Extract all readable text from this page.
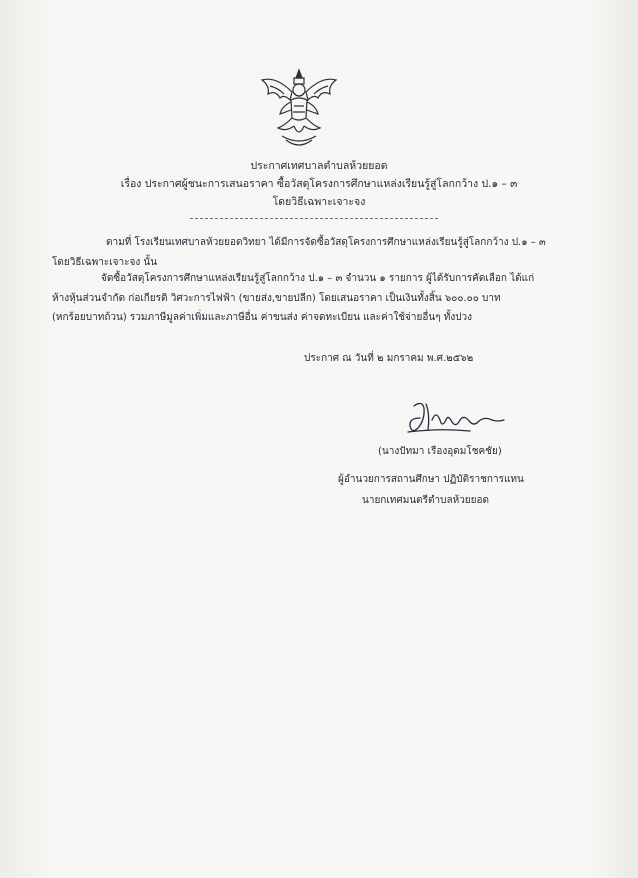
ประกาศเทศบาลตำบลห้วยยอด
เรื่อง ประกาศผู้ชนะการเสนอราคา ซื้อวัสดุโครงการศึกษาแหล่งเรียนรู้สู่โลกกว้าง ป.๑ – ๓
โดยวิธีเฉพาะเจาะจง
ตามที่ โรงเรียนเทศบาลห้วยยอดวิทยา ได้มีการจัดซื้อวัสดุโครงการศึกษาแหล่งเรียนรู้สู่โลกกว้าง ป.๑ – ๓
โดยวิธีเฉพาะเจาะจง นั้น
จัดซื้อวัสดุโครงการศึกษาแหล่งเรียนรู้สู่โลกกว้าง ป.๑ – ๓ จำนวน ๑ รายการ ผู้ได้รับการคัดเลือก ได้แก่
ห้างหุ้นส่วนจำกัด ก่อเกียรติ วิศวะการไฟฟ้า (ขายส่ง,ขายปลีก) โดยเสนอราคา เป็นเงินทั้งสิ้น ๖๐๐.๐๐ บาท
(หกร้อยบาทถ้วน) รวมภาษีมูลค่าเพิ่มและภาษีอื่น ค่าขนส่ง ค่าจดทะเบียน และค่าใช้จ่ายอื่นๆ ทั้งปวง
ประกาศ ณ วันที่ ๒ มกราคม พ.ศ.๒๕๖๒
(นางปัทมา เรืองอุดมโชคชัย)
ผู้อำนวยการสถานศึกษา ปฏิบัติราชการแทน
นายกเทศมนตรีตำบลห้วยยอด
